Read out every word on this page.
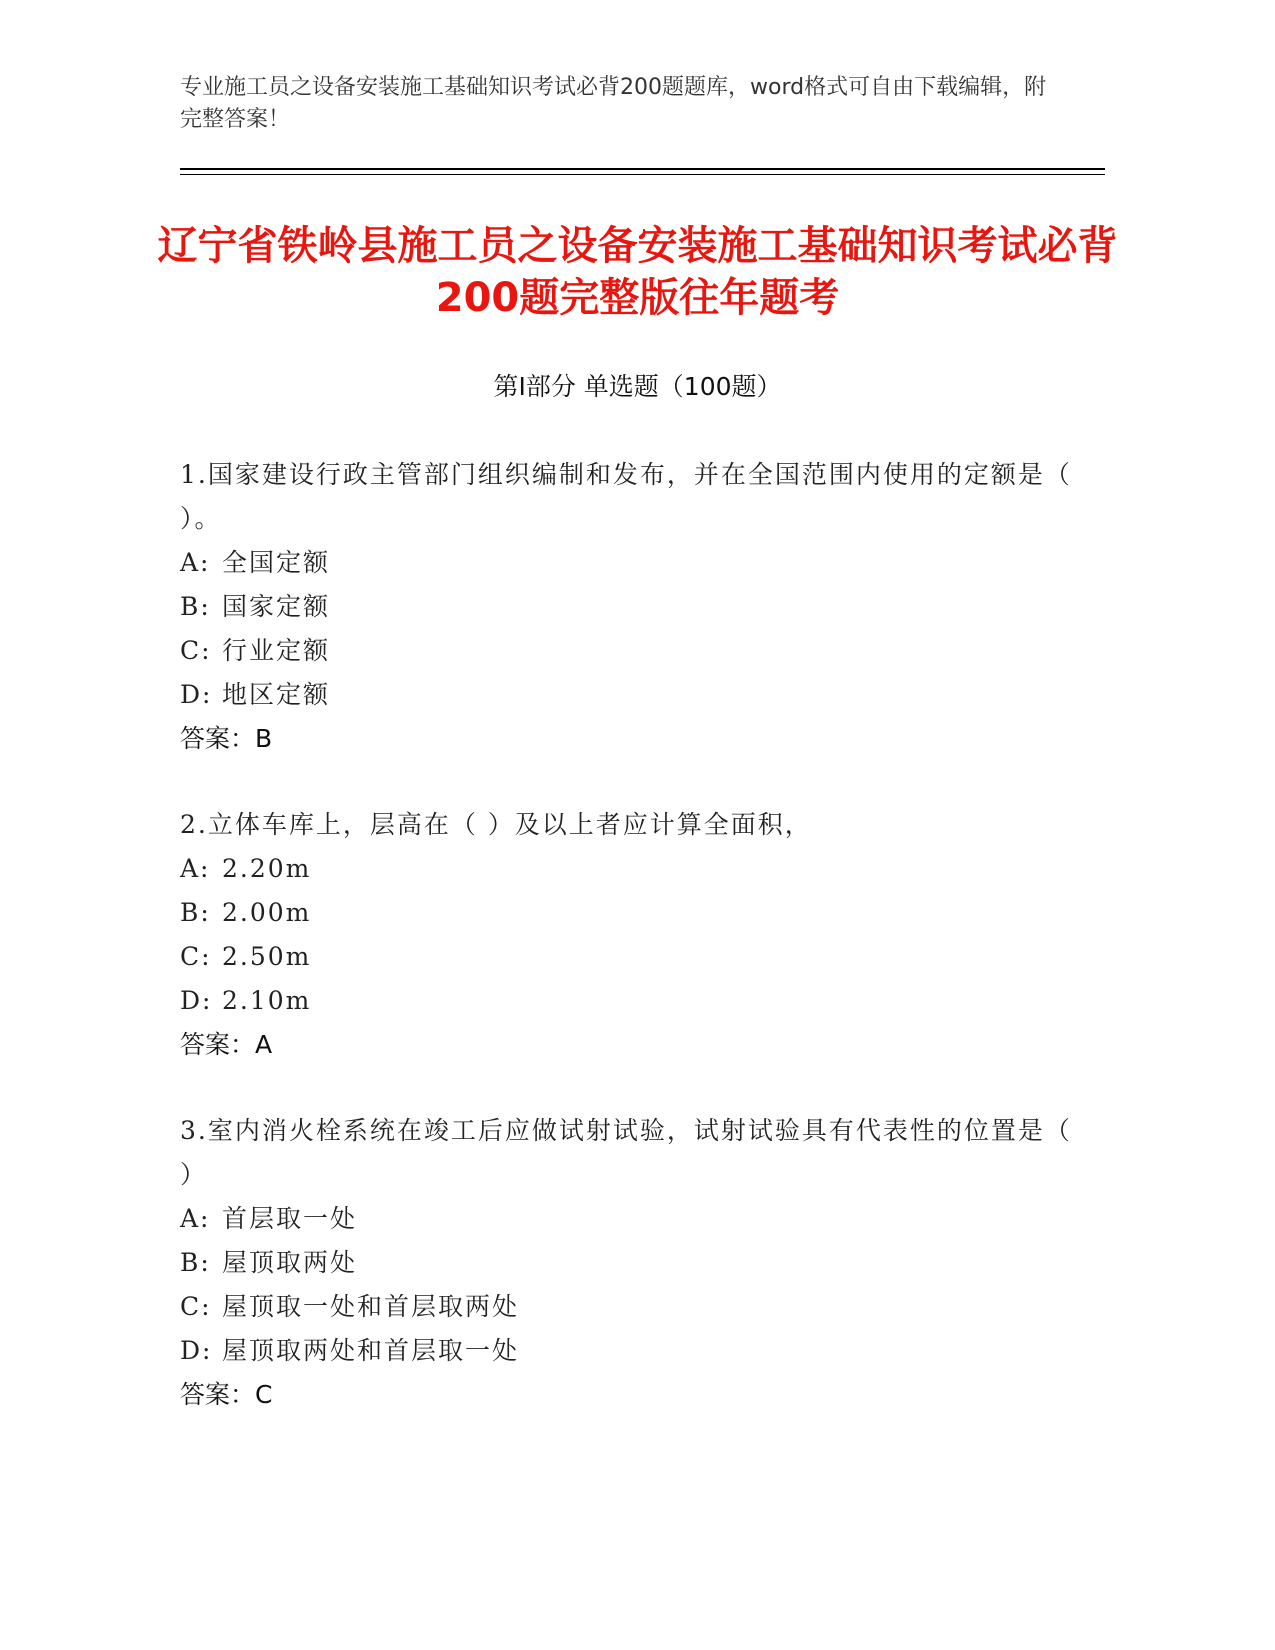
专业施工员之设备安装施工基础知识考试必背200题题库，word格式可自由下载编辑，附完整答案！
辽宁省铁岭县施工员之设备安装施工基础知识考试必背200题完整版往年题考
第Ⅰ部分 单选题（100题）
1.国家建设行政主管部门组织编制和发布，并在全国范围内使用的定额是（ ）。
A: 全国定额
B: 国家定额
C: 行业定额
D: 地区定额
答案：B
2.立体车库上，层高在（ ）及以上者应计算全面积，
A: 2.20m
B: 2.00m
C: 2.50m
D: 2.10m
答案：A
3.室内消火栓系统在竣工后应做试射试验，试射试验具有代表性的位置是（ ）
A: 首层取一处
B: 屋顶取两处
C: 屋顶取一处和首层取两处
D: 屋顶取两处和首层取一处
答案：C
